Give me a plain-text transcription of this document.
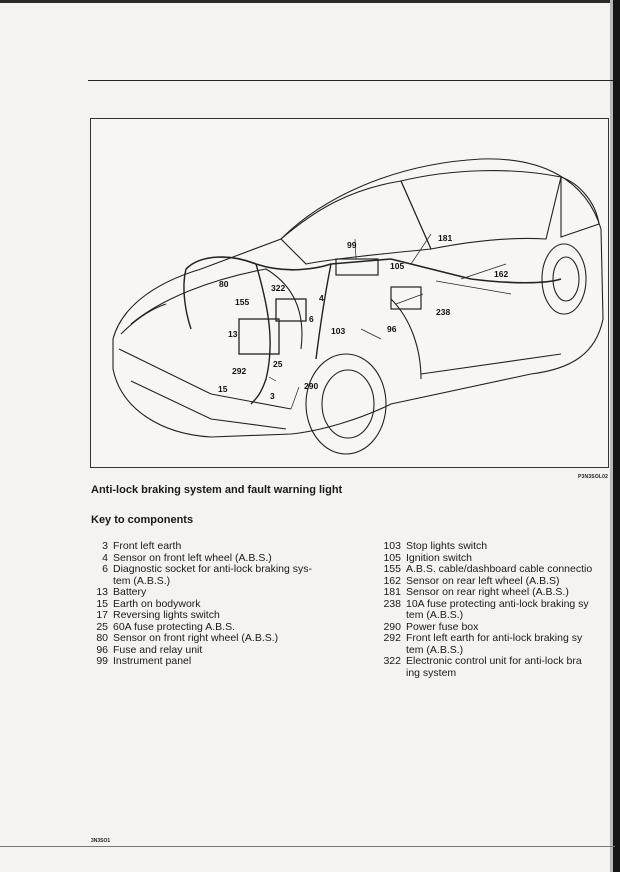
80
155
322
4
6
13	103	96
25
292
15
3
290
99
105
181
162
238
P3N3SOL02
Anti-lock braking system and fault warning light
Key to components
3 Front left earth
4 Sensor on front left wheel (A.B.S.)
6 Diagnostic socket for anti-lock braking sys-
tem (A.B.S.)
13 Battery
15 Earth on bodywork
17 Reversing lights switch
25 60A fuse protecting A.B.S.
80 Sensor on front right wheel (A.B.S.)
96 Fuse and relay unit
99 Instrument panel
103 Stop lights switch
105 Ignition switch
155 A.B.S. cable/dashboard cable connectio
162 Sensor on rear left wheel (A.B.S)
181 Sensor on rear right wheel (A.B.S.)
238 10A fuse protecting anti-lock braking sy
tem (A.B.S.)
290 Power fuse box
292 Front left earth for anti-lock braking sy
tem (A.B.S.)
322 Electronic control unit for anti-lock bra
ing system
3N3SO1
